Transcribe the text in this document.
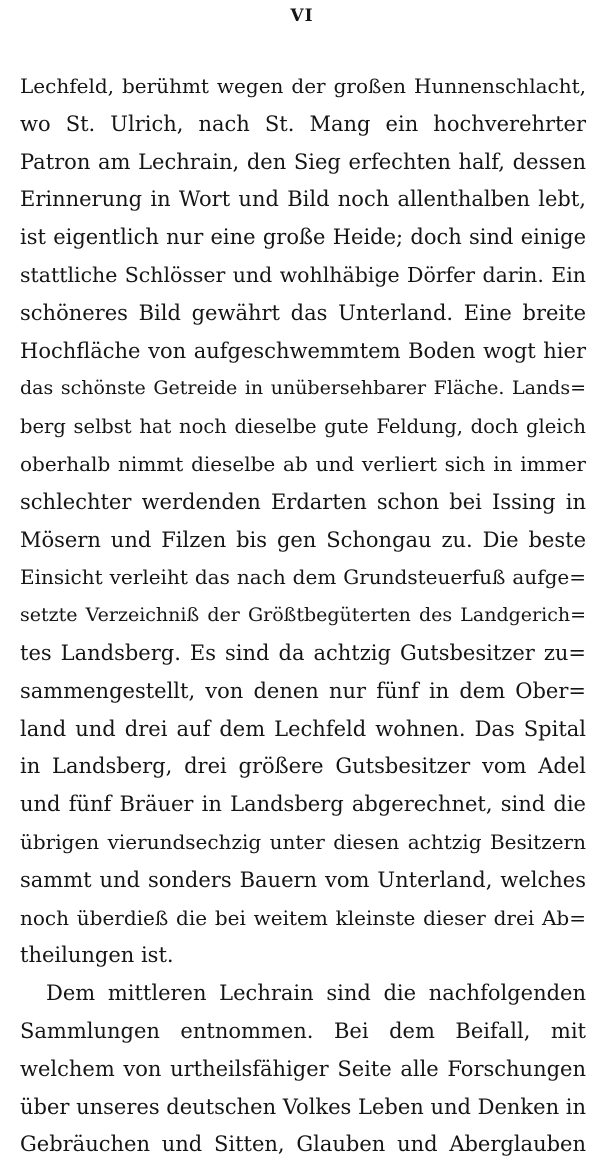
VI
Lechfeld, berühmt wegen der großen Hunnenschlacht,
wo St. Ulrich, nach St. Mang ein hochverehrter
Patron am Lechrain, den Sieg erfechten half, dessen
Erinnerung in Wort und Bild noch allenthalben lebt,
ist eigentlich nur eine große Heide; doch sind einige
stattliche Schlösser und wohlhäbige Dörfer darin. Ein
schöneres Bild gewährt das Unterland. Eine breite
Hochfläche von aufgeschwemmtem Boden wogt hier
das schönste Getreide in unübersehbarer Fläche. Lands=
berg selbst hat noch dieselbe gute Feldung, doch gleich
oberhalb nimmt dieselbe ab und verliert sich in immer
schlechter werdenden Erdarten schon bei Issing in
Mösern und Filzen bis gen Schongau zu. Die beste
Einsicht verleiht das nach dem Grundsteuerfuß aufge=
setzte Verzeichniß der Größtbegüterten des Landgerich=
tes Landsberg. Es sind da achtzig Gutsbesitzer zu=
sammengestellt, von denen nur fünf in dem Ober=
land und drei auf dem Lechfeld wohnen. Das Spital
in Landsberg, drei größere Gutsbesitzer vom Adel
und fünf Bräuer in Landsberg abgerechnet, sind die
übrigen vierundsechzig unter diesen achtzig Besitzern
sammt und sonders Bauern vom Unterland, welches
noch überdieß die bei weitem kleinste dieser drei Ab=
theilungen ist.
Dem mittleren Lechrain sind die nachfolgenden
Sammlungen entnommen. Bei dem Beifall, mit
welchem von urtheilsfähiger Seite alle Forschungen
über unseres deutschen Volkes Leben und Denken in
Gebräuchen und Sitten, Glauben und Aberglauben
